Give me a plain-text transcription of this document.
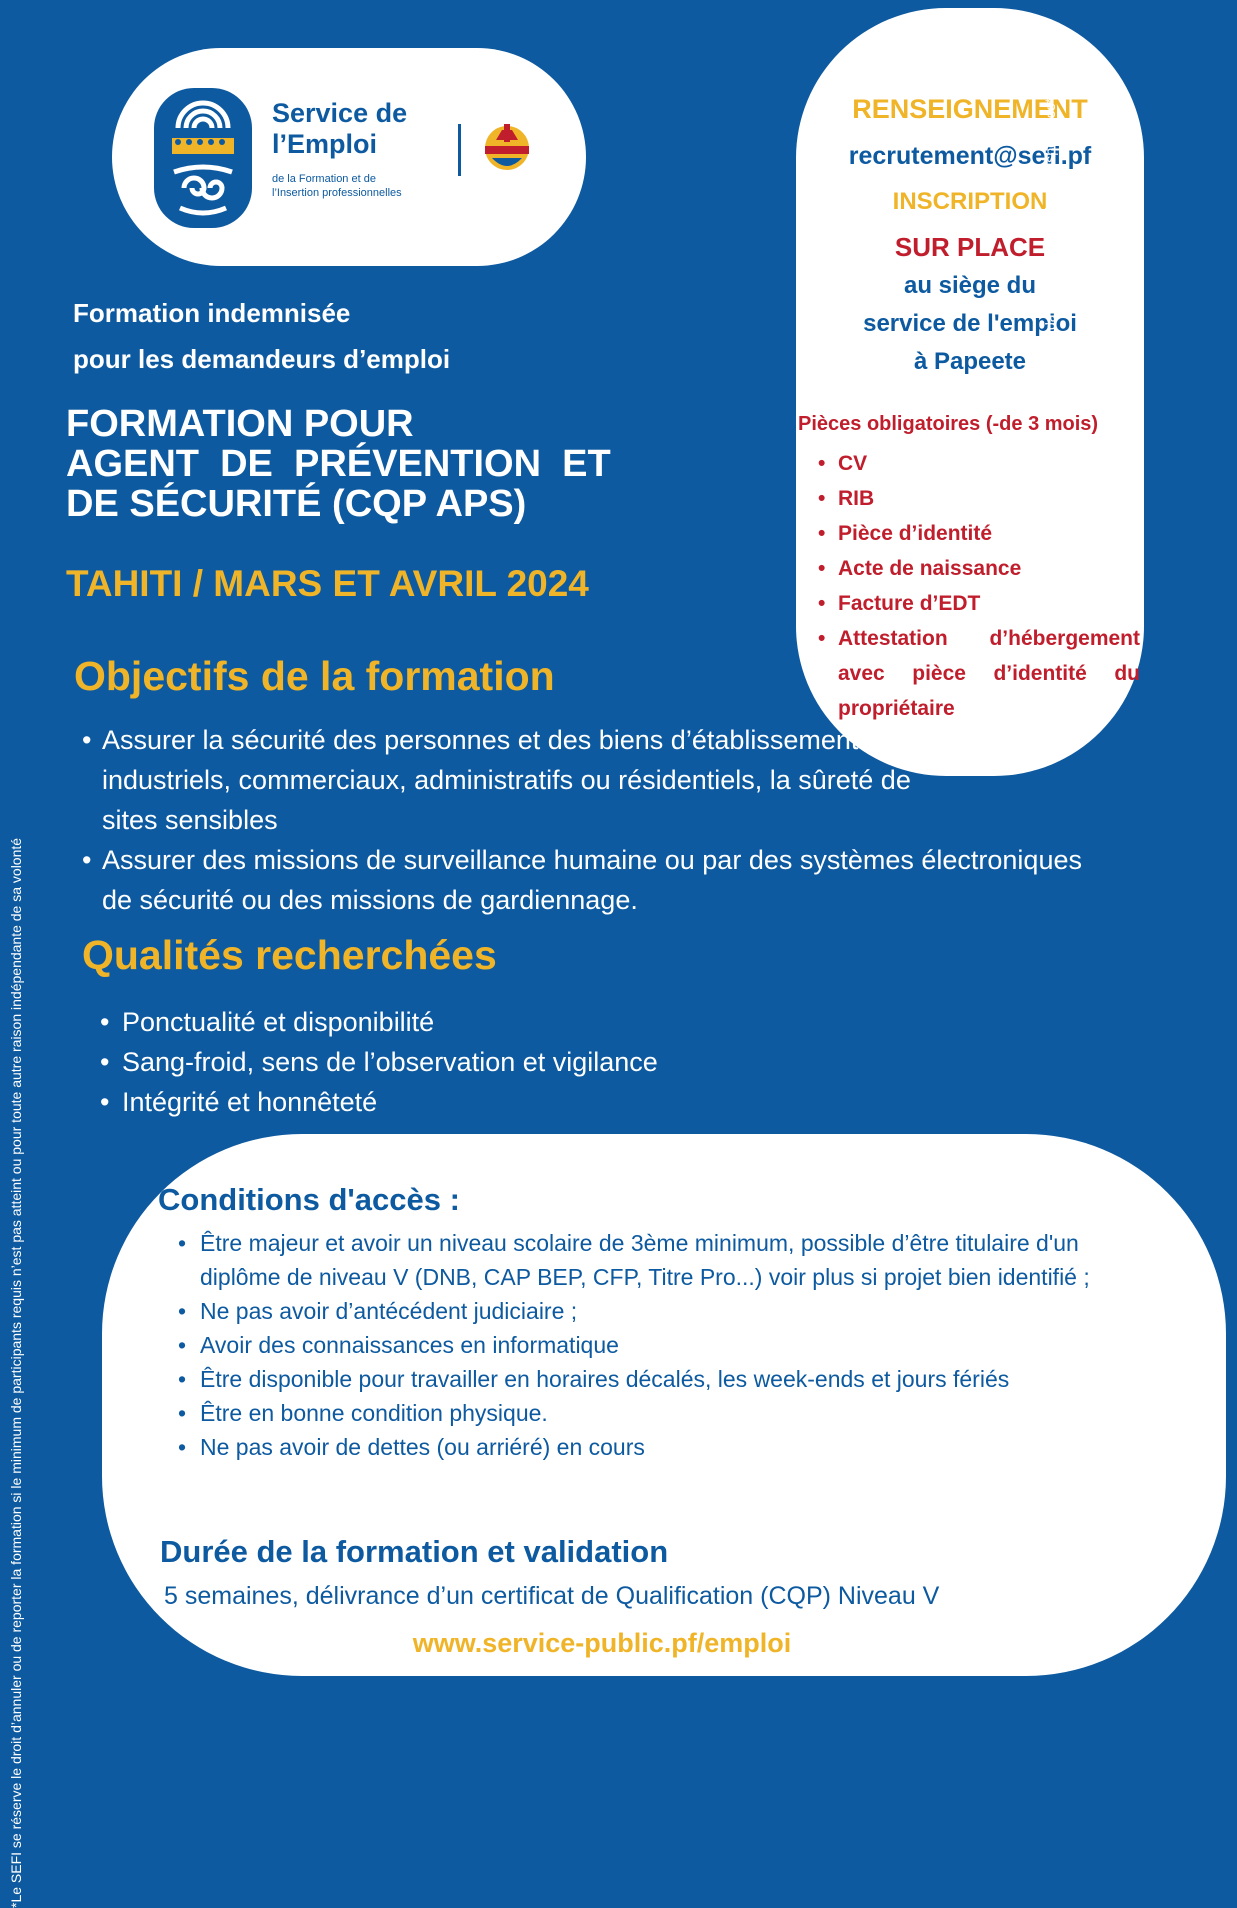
Service de
l’Emploi
de la Formation et de
l’Insertion professionnelles
RENSEIGNEMENT
recrutement@sefi.pf
INSCRIPTION
SUR PLACE
au siège du
service de l'emploi
à Papeete
Pièces obligatoires (-de 3 mois)
• CV
• RIB
• Pièce d’identité
• Acte de naissance
• Facture d’EDT
• Attestation d’hébergement avec pièce d’identité du propriétaire
Formation indemnisée
pour les demandeurs d’emploi
FORMATION POUR
AGENT  DE  PRÉVENTION  ET
DE SÉCURITÉ (CQP APS)
TAHITI / MARS ET AVRIL 2024
Objectifs de la formation
• Assurer la sécurité des personnes et des biens d’établissements industriels, commerciaux, administratifs ou résidentiels, la sûreté de sites sensibles
• Assurer des missions de surveillance humaine ou par des systèmes électroniques de sécurité ou des missions de gardiennage.
Qualités recherchées
• Ponctualité et disponibilité
• Sang-froid, sens de l’observation et vigilance
• Intégrité et honnêteté
Conditions d'accès :
• Être majeur et avoir un niveau scolaire de 3ème minimum, possible d’être titulaire d'un diplôme de niveau V (DNB, CAP BEP, CFP, Titre Pro...) voir plus si projet bien identifié ;
• Ne pas avoir d’antécédent judiciaire ;
• Avoir des connaissances en informatique
• Être disponible pour travailler en horaires décalés, les week-ends et jours fériés
• Être en bonne condition physique.
• Ne pas avoir de dettes (ou arriéré) en cours
Durée de la formation et validation
5 semaines, délivrance d’un certificat de Qualification (CQP) Niveau V
www.service-public.pf/emploi
*Le SEFI se réserve le droit d’annuler ou de reporter la formation si le minimum de participants requis n’est pas atteint ou pour toute autre raison indépendante de sa volonté
dans la limite des places disponibles*
